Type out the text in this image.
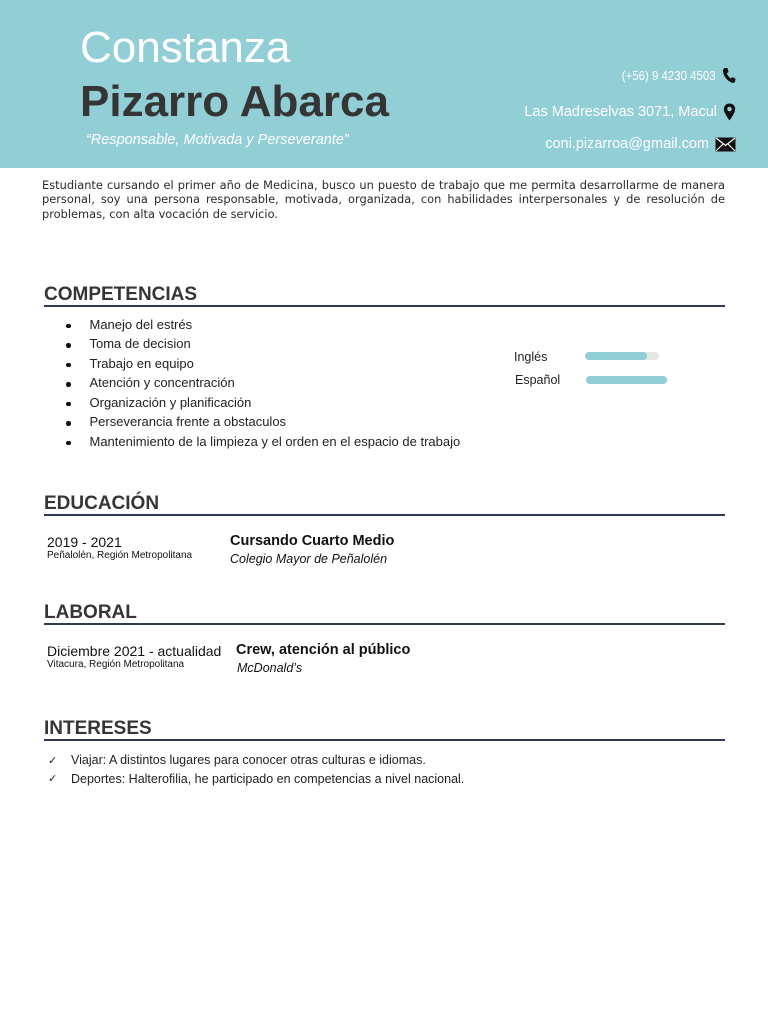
Constanza
Pizarro Abarca
“Responsable, Motivada y Perseverante”
(+56) 9 4230 4503
Las Madreselvas 3071, Macul
coni.pizarroa@gmail.com

Estudiante cursando el primer año de Medicina, busco un puesto de trabajo que me permita desarrollarme de manera personal, soy una persona responsable, motivada, organizada, con habilidades interpersonales y de resolución de problemas, con alta vocación de servicio.

COMPETENCIAS
Manejo del estrés
Toma de decision
Trabajo en equipo
Atención y concentración
Organización y planificación
Perseverancia frente a obstaculos
Mantenimiento de la limpieza y el orden en el espacio de trabajo
Inglés
Español
EDUCACIÓN
2019 - 2021
Peñalolén, Región Metropolitana
Cursando Cuarto Medio
Colegio Mayor de Peñalolén
LABORAL
Diciembre 2021 - actualidad
Vitacura, Región Metropolitana
Crew, atención al público
McDonald’s
INTERESES
✓ Viajar: A distintos lugares para conocer otras culturas e idiomas.
✓ Deportes: Halterofilia, he participado en competencias a nivel nacional.
